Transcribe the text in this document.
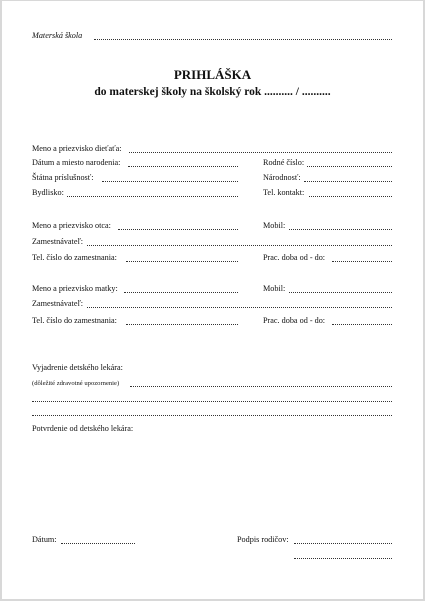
Materská škola
PRIHLÁŠKA
do materskej školy na školský rok .......... / ..........
Meno a priezvisko dieťaťa:
Dátum a miesto narodenia:	Rodné číslo:
Štátna príslušnosť:	Národnosť:
Bydlisko:	Tel. kontakt:
Meno a priezvisko otca:	Mobil:
Zamestnávateľ:
Tel. číslo do zamestnania:	Prac. doba od - do:
Meno a priezvisko matky:	Mobil:
Zamestnávateľ:
Tel. číslo do zamestnania:	Prac. doba od - do:
Vyjadrenie detského lekára:
(dôležité zdravotné upozornenie)
Potvrdenie od detského lekára:
Dátum:	Podpis rodičov:
